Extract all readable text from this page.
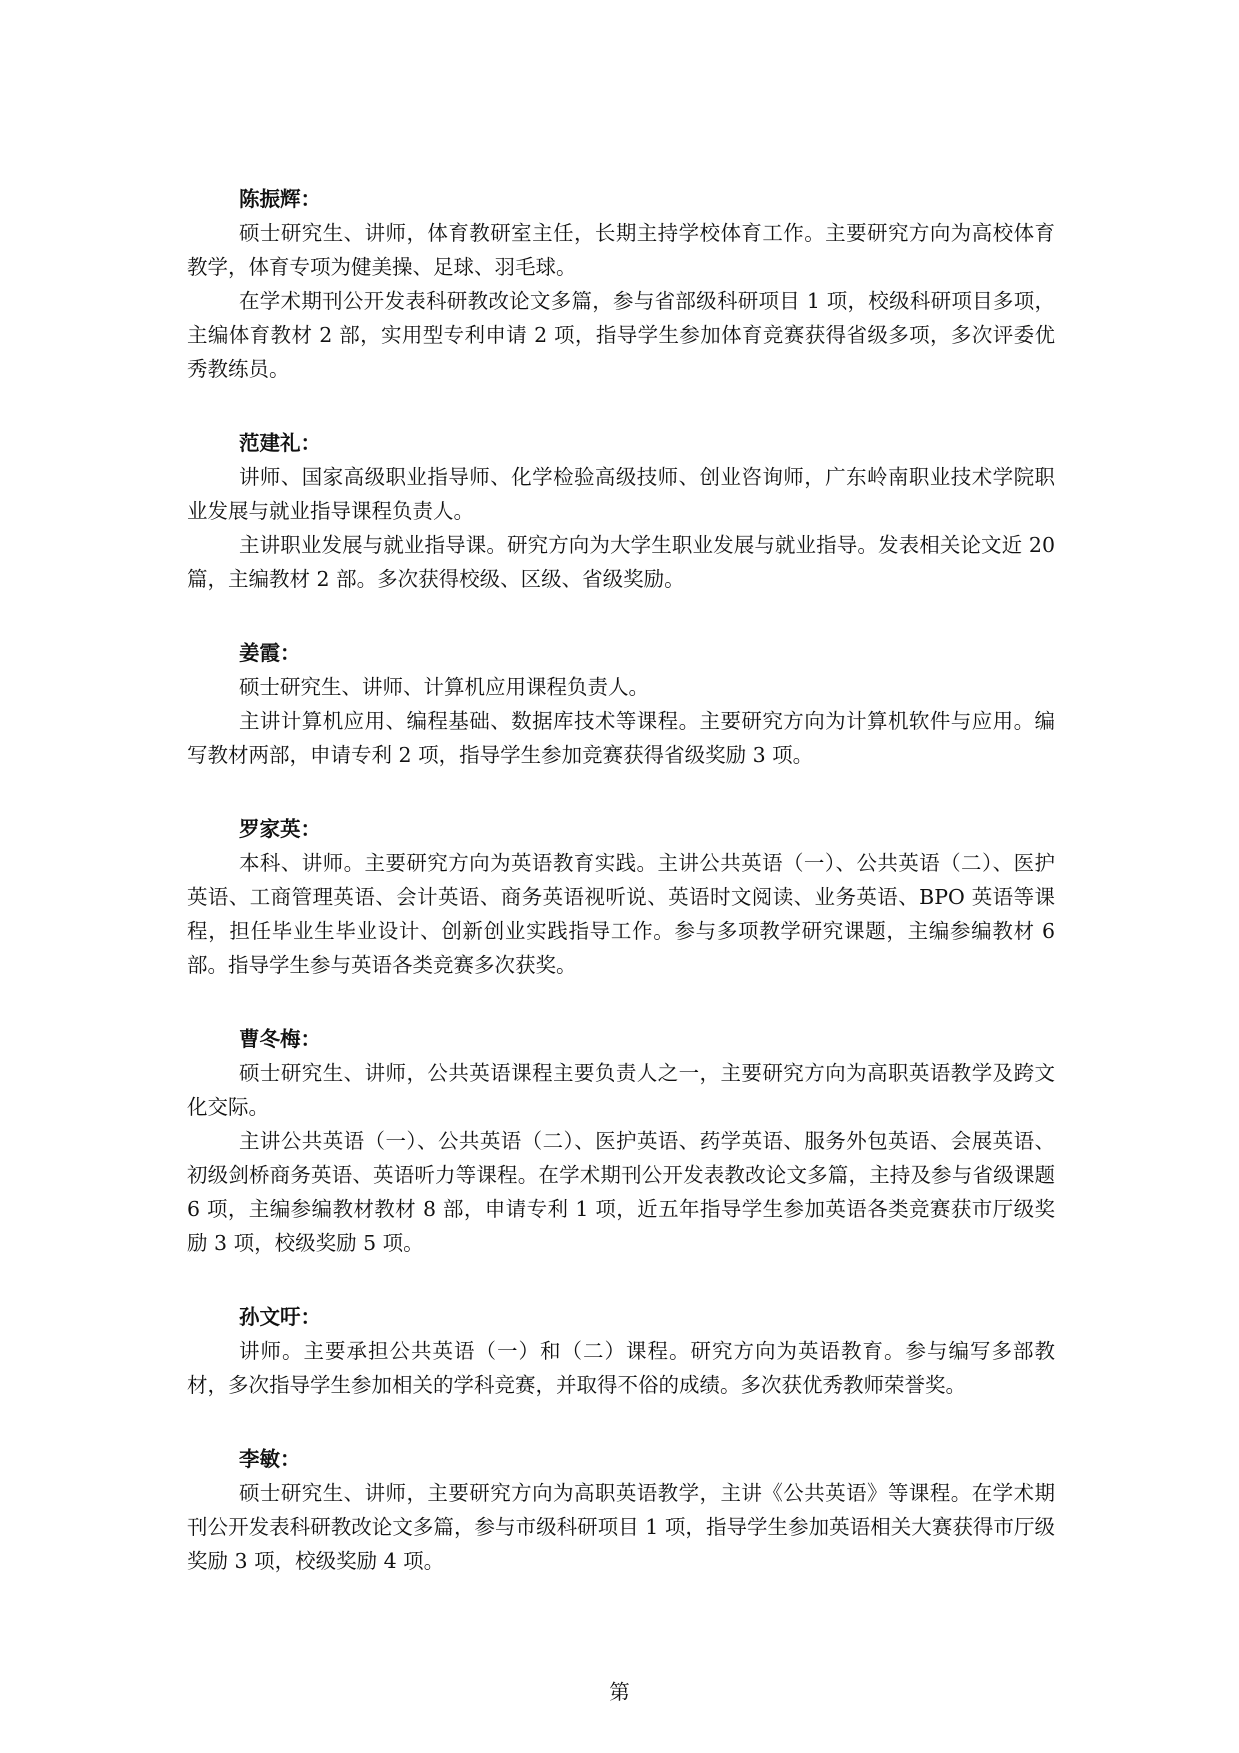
陈振辉：

硕士研究生、讲师，体育教研室主任，长期主持学校体育工作。主要研究方向为高校体育教学，体育专项为健美操、足球、羽毛球。

在学术期刊公开发表科研教改论文多篇，参与省部级科研项目 1 项，校级科研项目多项，主编体育教材 2 部，实用型专利申请 2 项，指导学生参加体育竞赛获得省级多项，多次评委优秀教练员。

范建礼：

讲师、国家高级职业指导师、化学检验高级技师、创业咨询师，广东岭南职业技术学院职业发展与就业指导课程负责人。

主讲职业发展与就业指导课。研究方向为大学生职业发展与就业指导。发表相关论文近 20 篇，主编教材 2 部。多次获得校级、区级、省级奖励。

姜霞：

硕士研究生、讲师、计算机应用课程负责人。

主讲计算机应用、编程基础、数据库技术等课程。主要研究方向为计算机软件与应用。编写教材两部，申请专利 2 项，指导学生参加竞赛获得省级奖励 3 项。

罗家英：

本科、讲师。主要研究方向为英语教育实践。主讲公共英语（一）、公共英语（二）、医护英语、工商管理英语、会计英语、商务英语视听说、英语时文阅读、业务英语、BPO 英语等课程，担任毕业生毕业设计、创新创业实践指导工作。参与多项教学研究课题，主编参编教材 6 部。指导学生参与英语各类竞赛多次获奖。

曹冬梅：

硕士研究生、讲师，公共英语课程主要负责人之一，主要研究方向为高职英语教学及跨文化交际。

主讲公共英语（一）、公共英语（二）、医护英语、药学英语、服务外包英语、会展英语、初级剑桥商务英语、英语听力等课程。在学术期刊公开发表教改论文多篇，主持及参与省级课题 6 项，主编参编教材教材 8 部，申请专利 1 项，近五年指导学生参加英语各类竞赛获市厅级奖励 3 项，校级奖励 5 项。

孙文吁：

讲师。主要承担公共英语（一）和（二）课程。研究方向为英语教育。参与编写多部教材，多次指导学生参加相关的学科竞赛，并取得不俗的成绩。多次获优秀教师荣誉奖。

李敏：

硕士研究生、讲师，主要研究方向为高职英语教学，主讲《公共英语》等课程。在学术期刊公开发表科研教改论文多篇，参与市级科研项目 1 项，指导学生参加英语相关大赛获得市厅级奖励 3 项，校级奖励 4 项。

第
